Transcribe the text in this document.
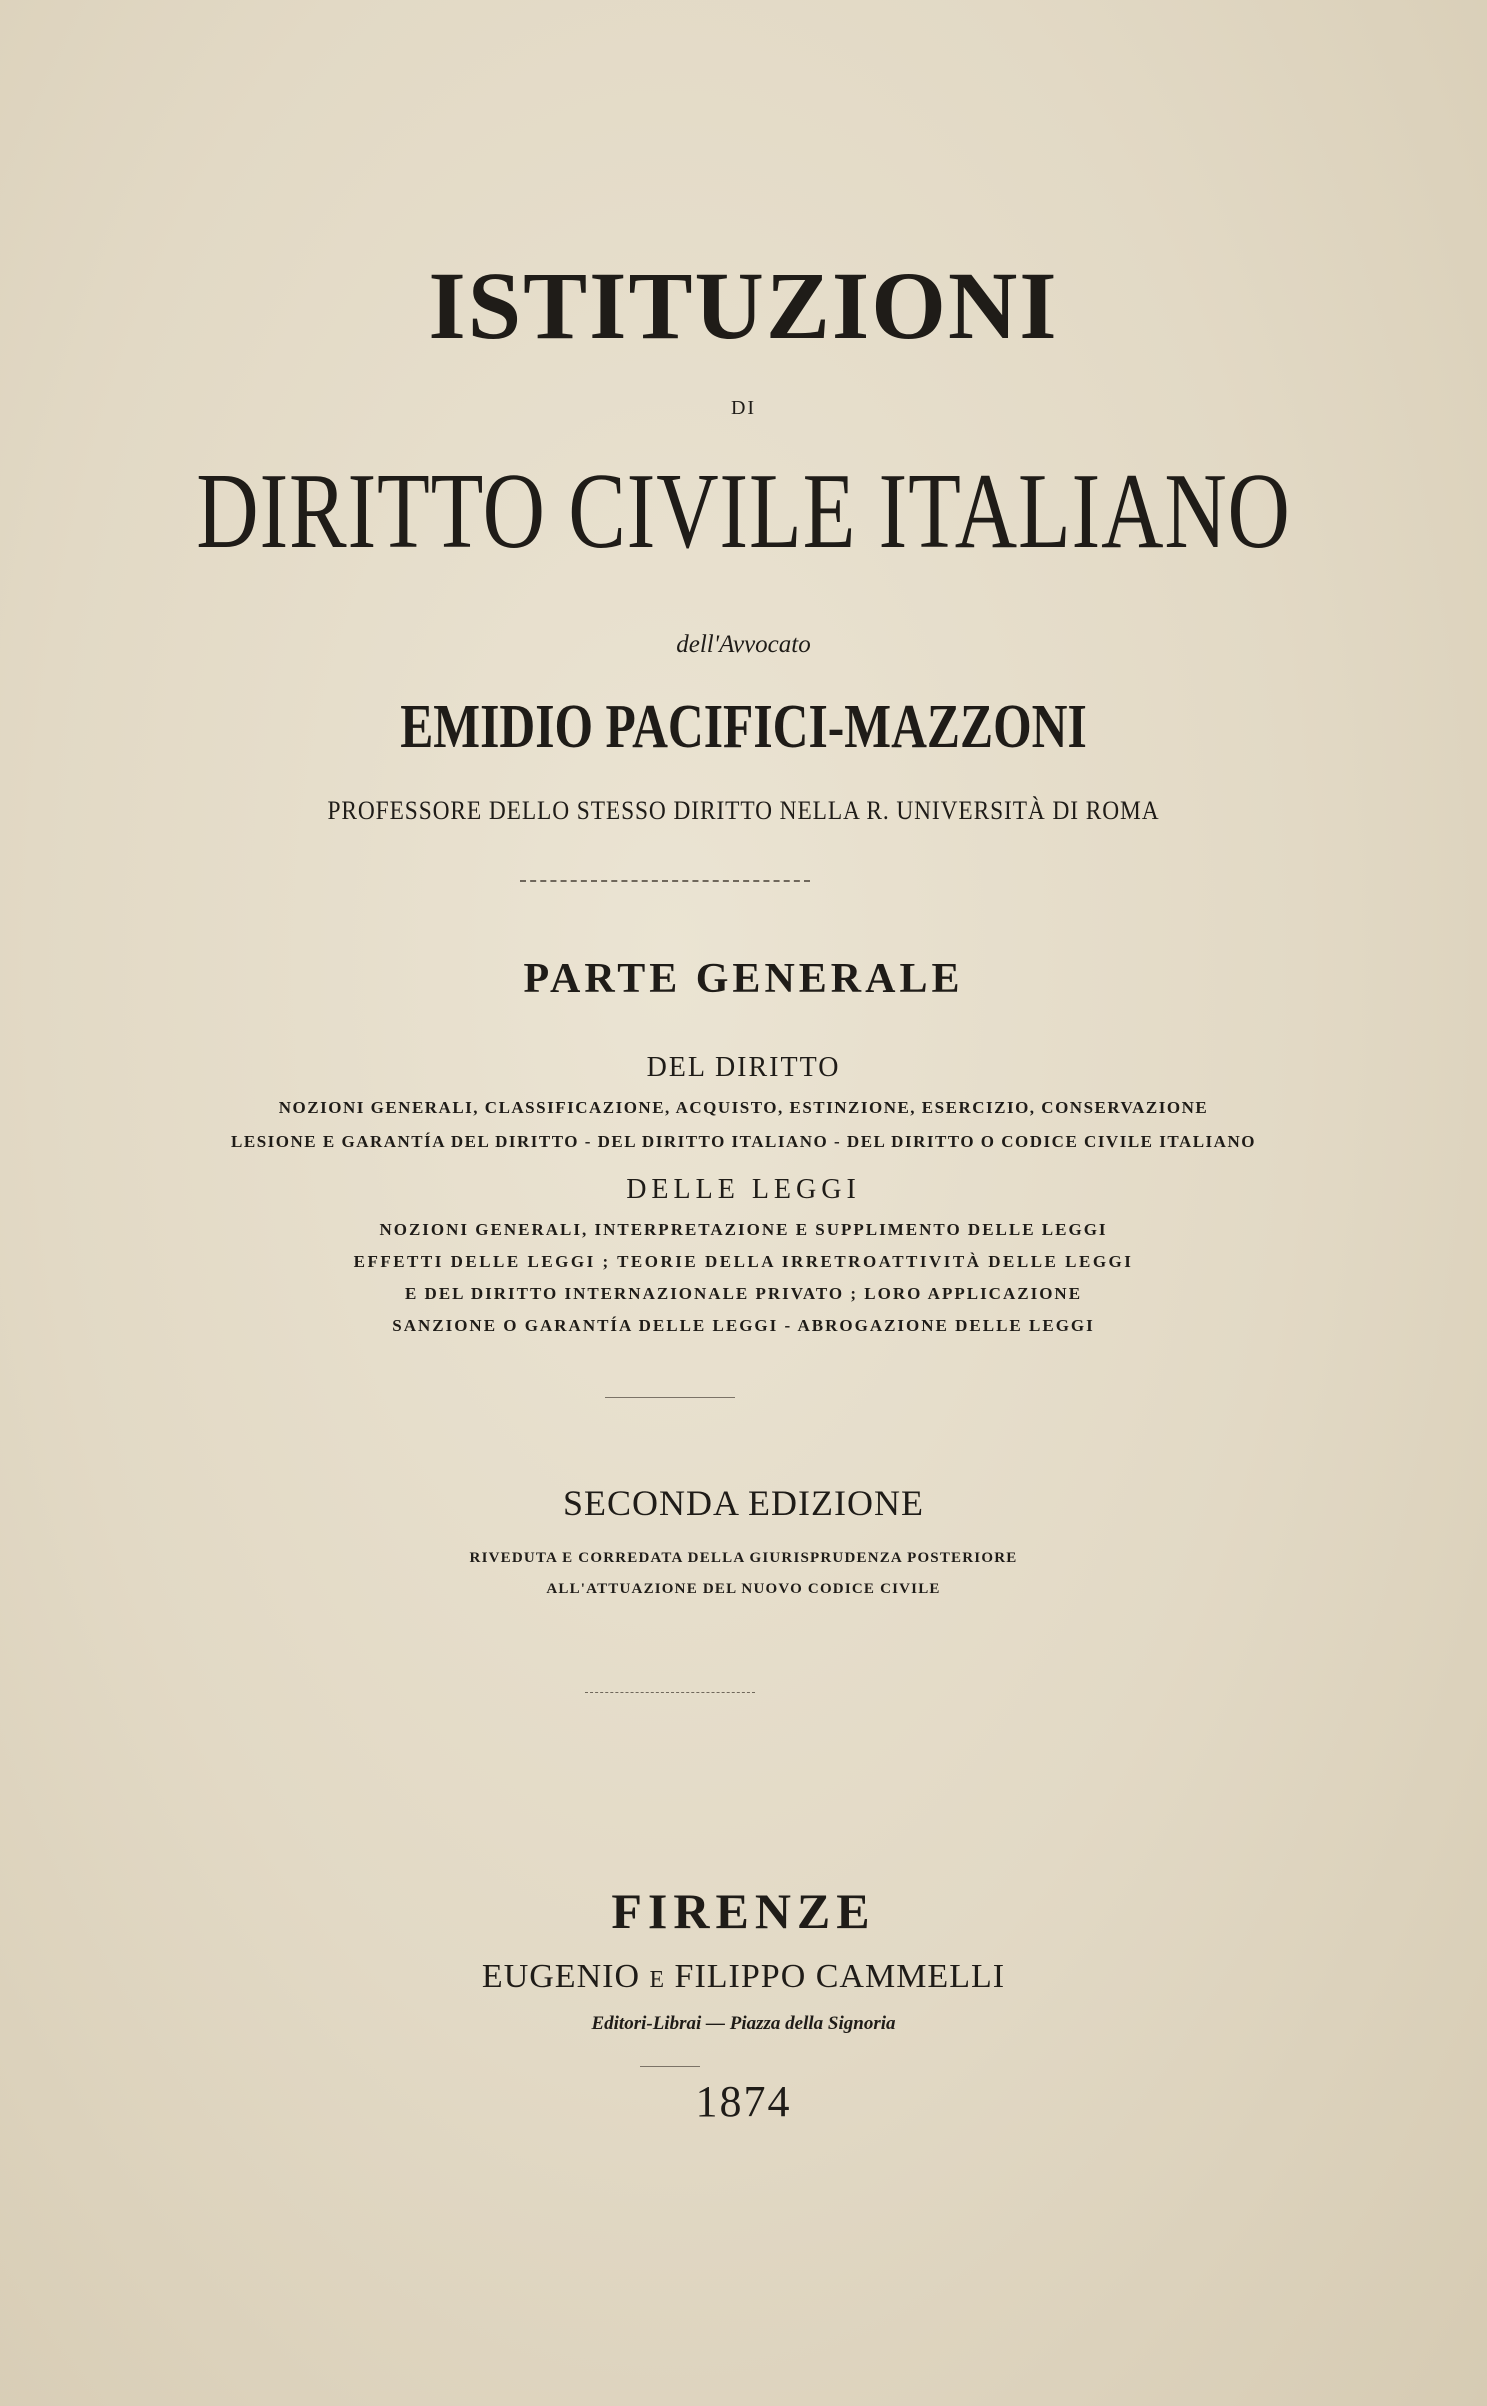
ISTITUZIONI
DI
DIRITTO CIVILE ITALIANO
dell'Avvocato
EMIDIO PACIFICI-MAZZONI
PROFESSORE DELLO STESSO DIRITTO NELLA R. UNIVERSITÀ DI ROMA
PARTE GENERALE
DEL DIRITTO
NOZIONI GENERALI, CLASSIFICAZIONE, ACQUISTO, ESTINZIONE, ESERCIZIO, CONSERVAZIONE
LESIONE E GARANTÍA DEL DIRITTO - DEL DIRITTO ITALIANO - DEL DIRITTO O CODICE CIVILE ITALIANO
DELLE LEGGI
NOZIONI GENERALI, INTERPRETAZIONE E SUPPLIMENTO DELLE LEGGI
EFFETTI DELLE LEGGI ; TEORIE DELLA IRRETROATTIVITÀ DELLE LEGGI
E DEL DIRITTO INTERNAZIONALE PRIVATO ; LORO APPLICAZIONE
SANZIONE O GARANTÍA DELLE LEGGI - ABROGAZIONE DELLE LEGGI
SECONDA EDIZIONE
RIVEDUTA E CORREDATA DELLA GIURISPRUDENZA POSTERIORE
ALL'ATTUAZIONE DEL NUOVO CODICE CIVILE
FIRENZE
EUGENIO E FILIPPO CAMMELLI
Editori-Librai — Piazza della Signoria
1874
